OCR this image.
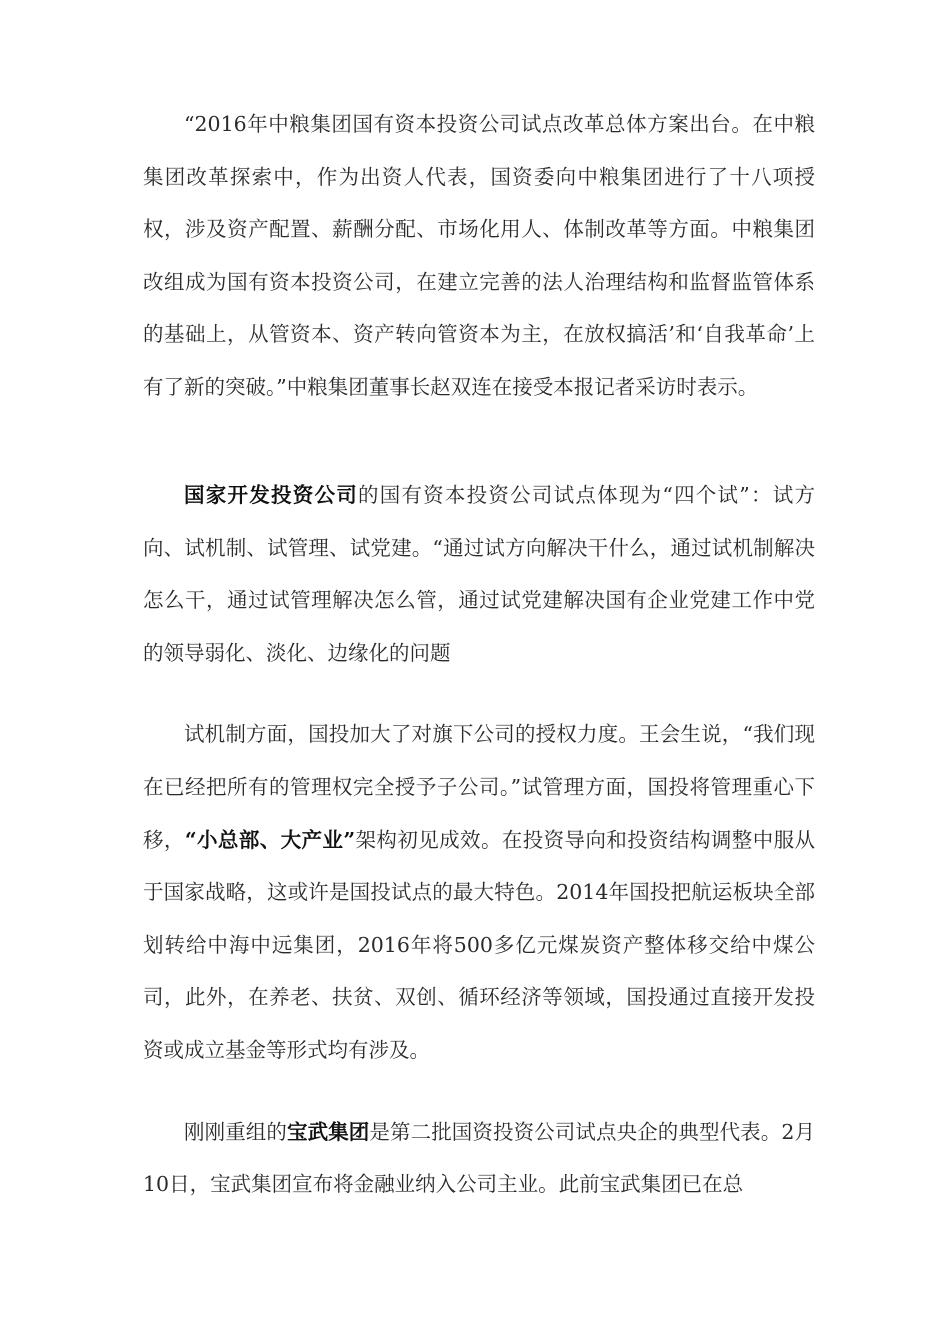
“2016年中粮集团国有资本投资公司试点改革总体方案出台。在中粮集团改革探索中，作为出资人代表，国资委向中粮集团进行了十八项授权，涉及资产配置、薪酬分配、市场化用人、体制改革等方面。中粮集团改组成为国有资本投资公司，在建立完善的法人治理结构和监督监管体系的基础上，从管资本、资产转向管资本为主，在放权搞活’和‘自我革命’上有了新的突破。”中粮集团董事长赵双连在接受本报记者采访时表示。

国家开发投资公司的国有资本投资公司试点体现为“四个试”：试方向、试机制、试管理、试党建。“通过试方向解决干什么，通过试机制解决怎么干，通过试管理解决怎么管，通过试党建解决国有企业党建工作中党的领导弱化、淡化、边缘化的问题

试机制方面，国投加大了对旗下公司的授权力度。王会生说，“我们现在已经把所有的管理权完全授予子公司。”试管理方面，国投将管理重心下移，“小总部、大产业”架构初见成效。在投资导向和投资结构调整中服从于国家战略，这或许是国投试点的最大特色。2014年国投把航运板块全部划转给中海中远集团，2016年将500多亿元煤炭资产整体移交给中煤公司，此外，在养老、扶贫、双创、循环经济等领域，国投通过直接开发投资或成立基金等形式均有涉及。

刚刚重组的宝武集团是第二批国资投资公司试点央企的典型代表。2月10日，宝武集团宣布将金融业纳入公司主业。此前宝武集团已在总
